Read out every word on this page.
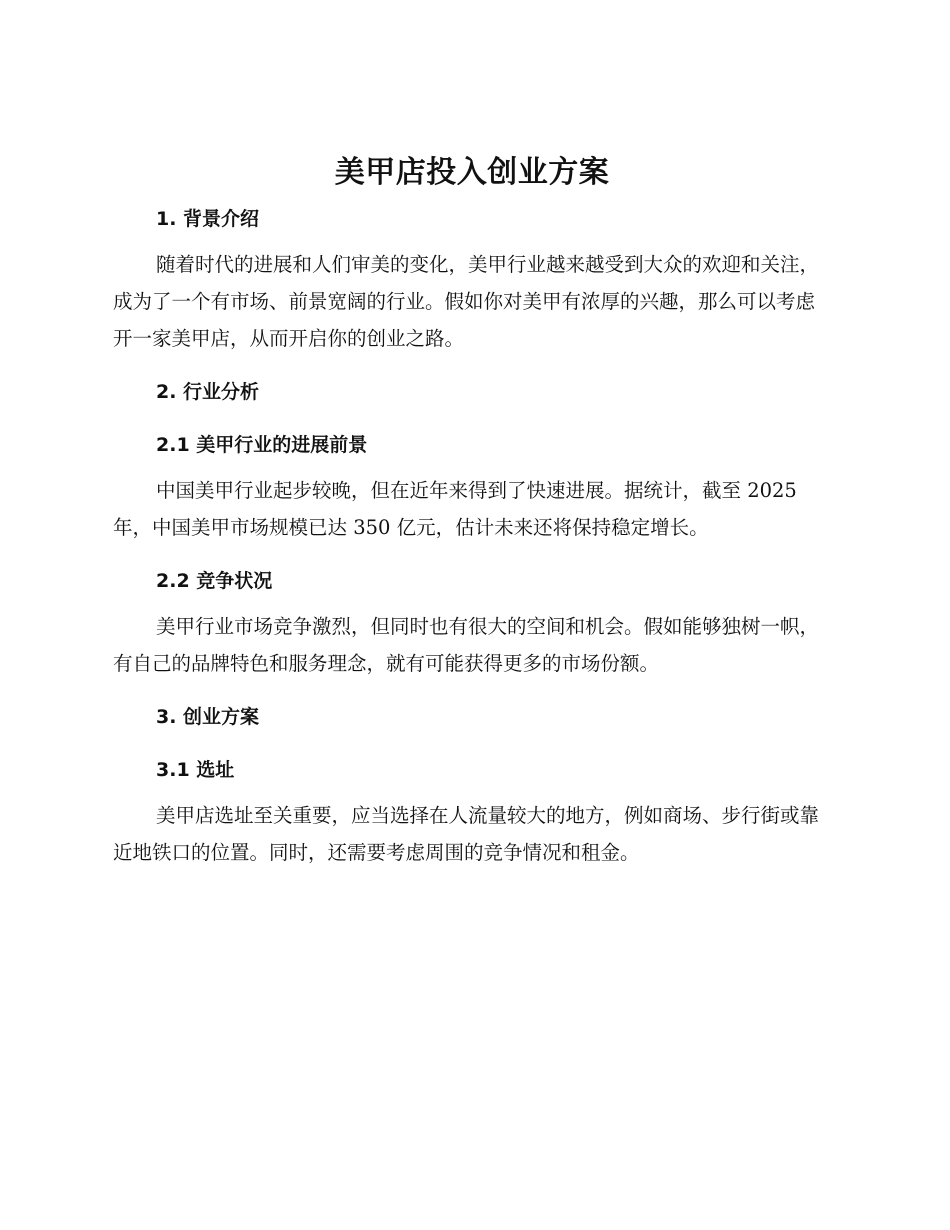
美甲店投入创业方案
1. 背景介绍

随着时代的进展和人们审美的变化，美甲行业越来越受到大众的欢迎和关注，成为了一个有市场、前景宽阔的行业。假如你对美甲有浓厚的兴趣，那么可以考虑开一家美甲店，从而开启你的创业之路。

2. 行业分析
2.1 美甲行业的进展前景

中国美甲行业起步较晚，但在近年来得到了快速进展。据统计，截至 2025 年，中国美甲市场规模已达 350 亿元，估计未来还将保持稳定增长。

2.2 竞争状况

美甲行业市场竞争激烈，但同时也有很大的空间和机会。假如能够独树一帜，有自己的品牌特色和服务理念，就有可能获得更多的市场份额。

3. 创业方案
3.1 选址

美甲店选址至关重要，应当选择在人流量较大的地方，例如商场、步行街或靠近地铁口的位置。同时，还需要考虑周围的竞争情况和租金。
